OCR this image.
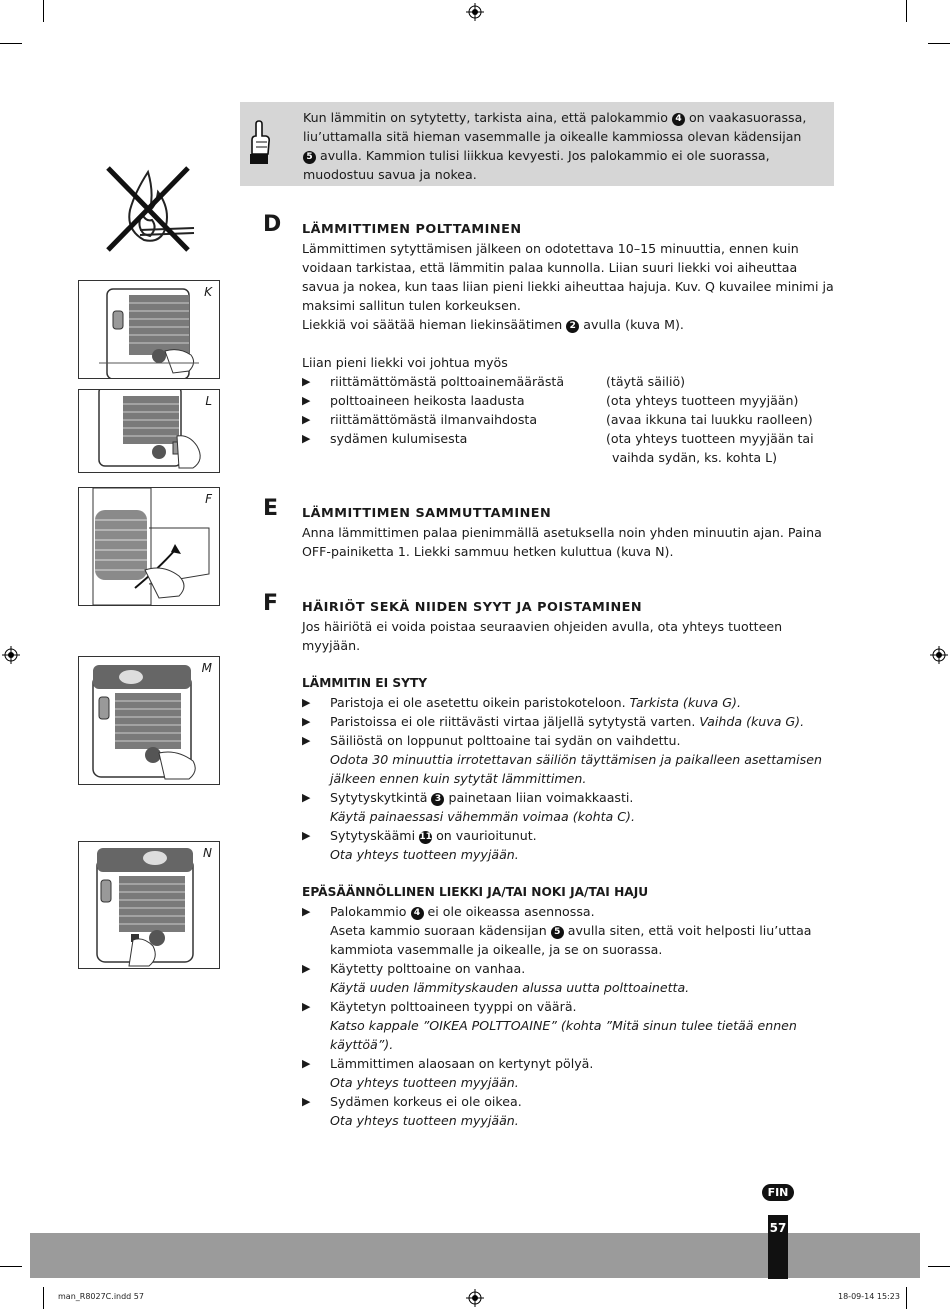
Kun lämmitin on sytytetty, tarkista aina, että palokammio 4 on vaakasuorassa,
liu’uttamalla sitä hieman vasemmalle ja oikealle kammiossa olevan kädensijan
5 avulla. Kammion tulisi liikkua kevyesti. Jos palokammio ei ole suorassa,
muodostuu savua ja nokea.
K
L
F
M
N
D LÄMMITTIMEN POLTTAMINEN

Lämmittimen sytyttämisen jälkeen on odotettava 10–15 minuuttia, ennen kuin voidaan tarkistaa, että lämmitin palaa kunnolla. Liian suuri liekki voi aiheuttaa savua ja nokea, kun taas liian pieni liekki aiheuttaa hajuja. Kuv. Q kuvailee minimi ja maksimi sallitun tulen korkeuksen.

Liekkiä voi säätää hieman liekinsäätimen 2 avulla (kuva M).

Liian pieni liekki voi johtua myös

▶	riittämättömästä polttoainemäärästä	(täytä säiliö)
▶	polttoaineen heikosta laadusta	(ota yhteys tuotteen myyjään)
▶	riittämättömästä ilmanvaihdosta	(avaa ikkuna tai luukku raolleen)
▶	sydämen kulumisesta	(ota yhteys tuotteen myyjään tai
vaihda sydän, ks. kohta L)
E LÄMMITTIMEN SAMMUTTAMINEN

Anna lämmittimen palaa pienimmällä asetuksella noin yhden minuutin ajan. Paina OFF-painiketta 1. Liekki sammuu hetken kuluttua (kuva N).

F HÄIRIÖT SEKÄ NIIDEN SYYT JA POISTAMINEN

Jos häiriötä ei voida poistaa seuraavien ohjeiden avulla, ota yhteys tuotteen myyjään.

LÄMMITIN EI SYTY
▶	Paristoja ei ole asetettu oikein paristokoteloon. Tarkista (kuva G).
▶	Paristoissa ei ole riittävästi virtaa jäljellä sytytystä varten. Vaihda (kuva G).
▶	Säiliöstä on loppunut polttoaine tai sydän on vaihdettu.
Odota 30 minuuttia irrotettavan säiliön täyttämisen ja paikalleen asettamisen jälkeen ennen kuin sytytät lämmittimen.
▶	Sytytyskytkintä 3 painetaan liian voimakkaasti.
Käytä painaessasi vähemmän voimaa (kohta C).
▶	Sytytyskäämi 11 on vaurioitunut.
Ota yhteys tuotteen myyjään.
EPÄSÄÄNNÖLLINEN LIEKKI JA/TAI NOKI JA/TAI HAJU
▶	Palokammio 4 ei ole oikeassa asennossa.
Aseta kammio suoraan kädensijan 5 avulla siten, että voit helposti liu’uttaa kammiota vasemmalle ja oikealle, ja se on suorassa.
▶	Käytetty polttoaine on vanhaa.
Käytä uuden lämmityskauden alussa uutta polttoainetta.
▶	Käytetyn polttoaineen tyyppi on väärä.
Katso kappale ”OIKEA POLTTOAINE” (kohta ”Mitä sinun tulee tietää ennen käyttöä”).
▶	Lämmittimen alaosaan on kertynyt pölyä.
Ota yhteys tuotteen myyjään.
▶	Sydämen korkeus ei ole oikea.
Ota yhteys tuotteen myyjään.
FIN
57
man_R8027C.indd 57	18-09-14 15:23
